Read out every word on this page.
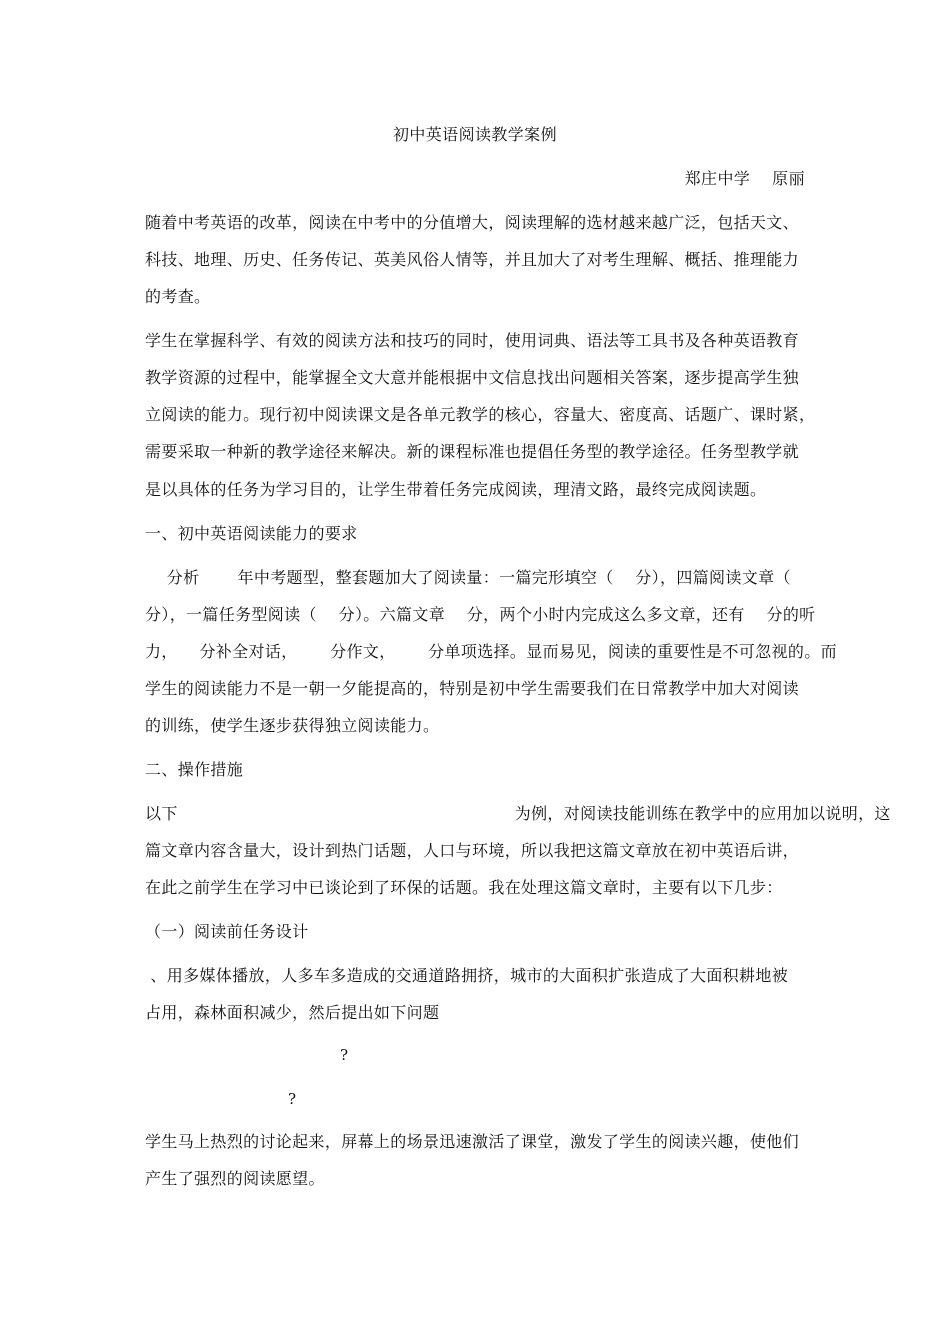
初中英语阅读教学案例
郑庄中学    原丽
随着中考英语的改革，阅读在中考中的分值增大，阅读理解的选材越来越广泛，包括天文、
科技、地理、历史、任务传记、英美风俗人情等，并且加大了对考生理解、概括、推理能力
的考查。
学生在掌握科学、有效的阅读方法和技巧的同时，使用词典、语法等工具书及各种英语教育
教学资源的过程中，能掌握全文大意并能根据中文信息找出问题相关答案，逐步提高学生独
立阅读的能力。现行初中阅读课文是各单元教学的核心，容量大、密度高、话题广、课时紧，
需要采取一种新的教学途径来解决。新的课程标准也提倡任务型的教学途径。任务型教学就
是以具体的任务为学习目的，让学生带着任务完成阅读，理清文路，最终完成阅读题。
一、初中英语阅读能力的要求
分析       年中考题型，整套题加大了阅读量：一篇完形填空（    分），四篇阅读文章（
分），一篇任务型阅读（    分）。六篇文章    分，两个小时内完成这么多文章，还有    分的听
力，    分补全对话，      分作文，      分单项选择。显而易见，阅读的重要性是不可忽视的。而
学生的阅读能力不是一朝一夕能提高的，特别是初中学生需要我们在日常教学中加大对阅读
的训练，使学生逐步获得独立阅读能力。
二、操作措施
以下                                                              为例，对阅读技能训练在教学中的应用加以说明，这
篇文章内容含量大，设计到热门话题，人口与环境，所以我把这篇文章放在初中英语后讲，
在此之前学生在学习中已谈论到了环保的话题。我在处理这篇文章时，主要有以下几步：
（一）阅读前任务设计
、用多媒体播放，人多车多造成的交通道路拥挤，城市的大面积扩张造成了大面积耕地被
占用，森林面积减少，然后提出如下问题
?
?
学生马上热烈的讨论起来，屏幕上的场景迅速激活了课堂，激发了学生的阅读兴趣，使他们
产生了强烈的阅读愿望。
